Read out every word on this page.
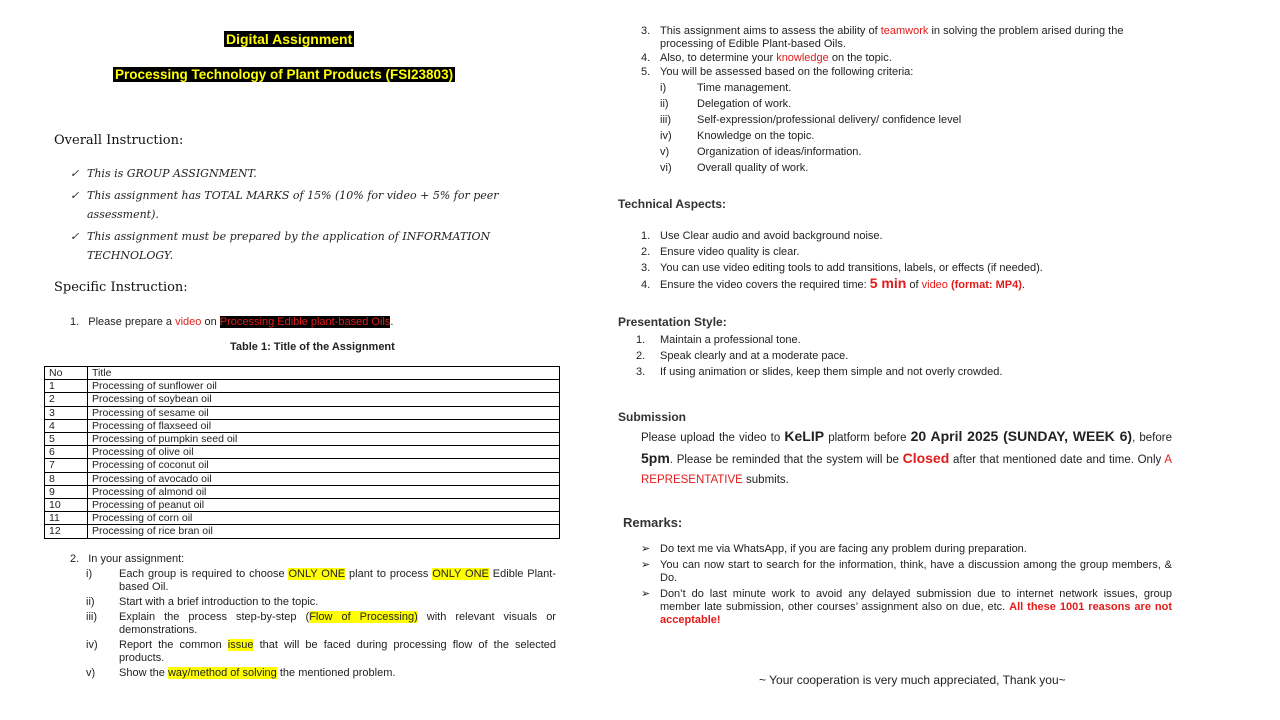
Digital Assignment
Processing Technology of Plant Products (FSI23803)
Overall Instruction:
✓ This is GROUP ASSIGNMENT.
✓ This assignment has TOTAL MARKS of 15% (10% for video + 5% for peer assessment).
✓ This assignment must be prepared by the application of INFORMATION TECHNOLOGY.
Specific Instruction:
1. Please prepare a video on Processing Edible plant-based Oils.
Table 1: Title of the Assignment
No	Title
1	Processing of sunflower oil
2	Processing of soybean oil
3	Processing of sesame oil
4	Processing of flaxseed oil
5	Processing of pumpkin seed oil
6	Processing of olive oil
7	Processing of coconut oil
8	Processing of avocado oil
9	Processing of almond oil
10	Processing of peanut oil
11	Processing of corn oil
12	Processing of rice bran oil
2. In your assignment:
i)	Each group is required to choose ONLY ONE plant to process ONLY ONE Edible Plant-based Oil.
ii)	Start with a brief introduction to the topic.
iii)	Explain the process step-by-step (Flow of Processing) with relevant visuals or demonstrations.
iv)	Report the common issue that will be faced during processing flow of the selected products.
v)	Show the way/method of solving the mentioned problem.
3. This assignment aims to assess the ability of teamwork in solving the problem arised during the processing of Edible Plant-based Oils.
4. Also, to determine your knowledge on the topic.
5. You will be assessed based on the following criteria:
i)	Time management.
ii)	Delegation of work.
iii)	Self-expression/professional delivery/ confidence level
iv)	Knowledge on the topic.
v)	Organization of ideas/information.
vi)	Overall quality of work.
Technical Aspects:
1. Use Clear audio and avoid background noise.
2. Ensure video quality is clear.
3. You can use video editing tools to add transitions, labels, or effects (if needed).
4. Ensure the video covers the required time: 5 min of video (format: MP4).
Presentation Style:
1.	Maintain a professional tone.
2.	Speak clearly and at a moderate pace.
3.	If using animation or slides, keep them simple and not overly crowded.
Submission
Please upload the video to KeLIP platform before 20 April 2025 (SUNDAY, WEEK 6), before 5pm. Please be reminded that the system will be Closed after that mentioned date and time. Only A REPRESENTATIVE submits.
Remarks:
➢ Do text me via WhatsApp, if you are facing any problem during preparation.
➢ You can now start to search for the information, think, have a discussion among the group members, & Do.
➢ Don’t do last minute work to avoid any delayed submission due to internet network issues, group member late submission, other courses’ assignment also on due, etc. All these 1001 reasons are not acceptable!
~ Your cooperation is very much appreciated, Thank you~
